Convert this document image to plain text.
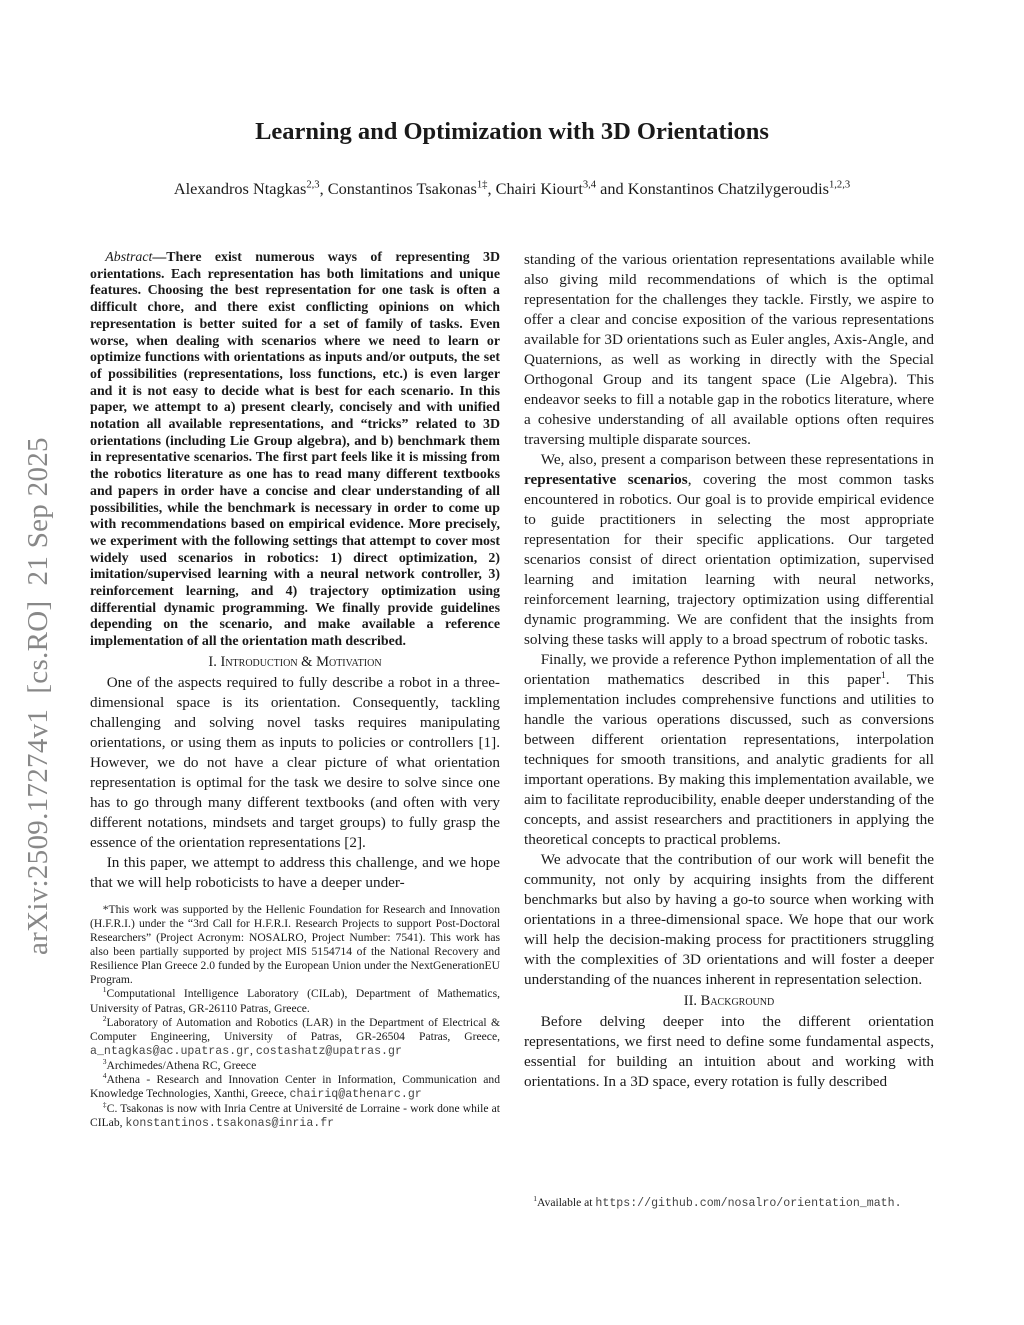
Learning and Optimization with 3D Orientations
Alexandros Ntagkas$^{2,3}$, Constantinos Tsakonas$^{1\ddagger}$, Chairi Kiourt$^{3,4}$ and Konstantinos Chatzilygeroudis$^{1,2,3}$
arXiv:2509.17274v1  [cs.RO]  21 Sep 2025

Abstract—There exist numerous ways of representing 3D orientations. Each representation has both limitations and unique features. Choosing the best representation for one task is often a difficult chore, and there exist conflicting opinions on which representation is better suited for a set of family of tasks. Even worse, when dealing with scenarios where we need to learn or optimize functions with orientations as inputs and/or outputs, the set of possibilities (representations, loss functions, etc.) is even larger and it is not easy to decide what is best for each scenario. In this paper, we attempt to a) present clearly, concisely and with unified notation all available representations, and “tricks” related to 3D orientations (including Lie Group algebra), and b) benchmark them in representative scenarios. The first part feels like it is missing from the robotics literature as one has to read many different textbooks and papers in order have a concise and clear understanding of all possibilities, while the benchmark is necessary in order to come up with recommendations based on empirical evidence. More precisely, we experiment with the following settings that attempt to cover most widely used scenarios in robotics: 1) direct optimization, 2) imitation/supervised learning with a neural network controller, 3) reinforcement learning, and 4) trajectory optimization using differential dynamic programming. We finally provide guidelines depending on the scenario, and make available a reference implementation of all the orientation math described.

I. Introduction & Motivation

One of the aspects required to fully describe a robot in a three-dimensional space is its orientation. Consequently, tackling challenging and solving novel tasks requires manipulating orientations, or using them as inputs to policies or controllers [1]. However, we do not have a clear picture of what orientation representation is optimal for the task we desire to solve since one has to go through many different textbooks (and often with very different notations, mindsets and target groups) to fully grasp the essence of the orientation representations [2].

In this paper, we attempt to address this challenge, and we hope that we will help roboticists to have a deeper under-

*This work was supported by the Hellenic Foundation for Research and Innovation (H.F.R.I.) under the “3rd Call for H.F.R.I. Research Projects to support Post-Doctoral Researchers” (Project Acronym: NOSALRO, Project Number: 7541). This work has also been partially supported by project MIS 5154714 of the National Recovery and Resilience Plan Greece 2.0 funded by the European Union under the NextGenerationEU Program.

$^1$Computational Intelligence Laboratory (CILab), Department of Mathematics, University of Patras, GR-26110 Patras, Greece.

$^2$Laboratory of Automation and Robotics (LAR) in the Department of Electrical & Computer Engineering, University of Patras, GR-26504 Patras, Greece, a_ntagkas@ac.upatras.gr, costashatz@upatras.gr

$^3$Archimedes/Athena RC, Greece

$^4$Athena - Research and Innovation Center in Information, Communication and Knowledge Technologies, Xanthi, Greece, chairiq@athenarc.gr

‡C. Tsakonas is now with Inria Centre at Université de Lorraine - work done while at CILab, konstantinos.tsakonas@inria.fr

standing of the various orientation representations available while also giving mild recommendations of which is the optimal representation for the challenges they tackle. Firstly, we aspire to offer a clear and concise exposition of the various representations available for 3D orientations such as Euler angles, Axis-Angle, and Quaternions, as well as working in directly with the Special Orthogonal Group and its tangent space (Lie Algebra). This endeavor seeks to fill a notable gap in the robotics literature, where a cohesive understanding of all available options often requires traversing multiple disparate sources.

We, also, present a comparison between these representations in representative scenarios, covering the most common tasks encountered in robotics. Our goal is to provide empirical evidence to guide practitioners in selecting the most appropriate representation for their specific applications. Our targeted scenarios consist of direct orientation optimization, supervised learning and imitation learning with neural networks, reinforcement learning, trajectory optimization using differential dynamic programming. We are confident that the insights from solving these tasks will apply to a broad spectrum of robotic tasks.

Finally, we provide a reference Python implementation of all the orientation mathematics described in this paper$^1$. This implementation includes comprehensive functions and utilities to handle the various operations discussed, such as conversions between different orientation representations, interpolation techniques for smooth transitions, and analytic gradients for all important operations. By making this implementation available, we aim to facilitate reproducibility, enable deeper understanding of the concepts, and assist researchers and practitioners in applying the theoretical concepts to practical problems.

We advocate that the contribution of our work will benefit the community, not only by acquiring insights from the different benchmarks but also by having a go-to source when working with orientations in a three-dimensional space. We hope that our work will help the decision-making process for practitioners struggling with the complexities of 3D orientations and will foster a deeper understanding of the nuances inherent in representation selection.

II. Background

Before delving deeper into the different orientation representations, we first need to define some fundamental aspects, essential for building an intuition about and working with orientations. In a 3D space, every rotation is fully described

$^1$Available at https://github.com/nosalro/orientation_math.
